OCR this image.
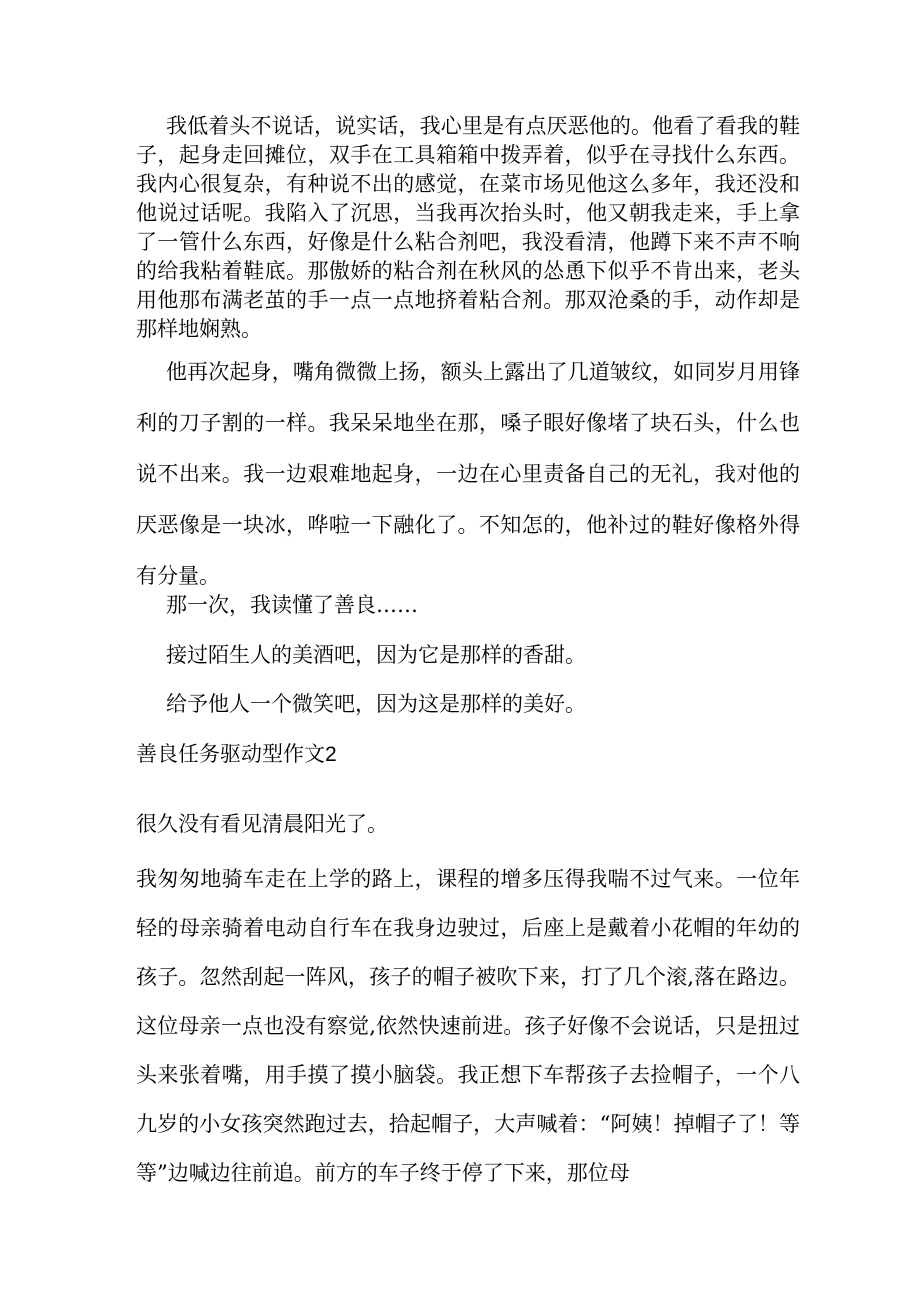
我低着头不说话，说实话，我心里是有点厌恶他的。他看了看我的鞋子，起身走回摊位，双手在工具箱箱中拨弄着，似乎在寻找什么东西。我内心很复杂，有种说不出的感觉，在菜市场见他这么多年，我还没和他说过话呢。我陷入了沉思，当我再次抬头时，他又朝我走来，手上拿了一管什么东西，好像是什么粘合剂吧，我没看清，他蹲下来不声不响的给我粘着鞋底。那傲娇的粘合剂在秋风的怂恿下似乎不肯出来，老头用他那布满老茧的手一点一点地挤着粘合剂。那双沧桑的手，动作却是那样地娴熟。

他再次起身，嘴角微微上扬，额头上露出了几道皱纹，如同岁月用锋利的刀子割的一样。我呆呆地坐在那，嗓子眼好像堵了块石头，什么也说不出来。我一边艰难地起身，一边在心里责备自己的无礼，我对他的厌恶像是一块冰，哗啦一下融化了。不知怎的，他补过的鞋好像格外得有分量。

那一次，我读懂了善良……

接过陌生人的美酒吧，因为它是那样的香甜。

给予他人一个微笑吧，因为这是那样的美好。

善良任务驱动型作文2

很久没有看见清晨阳光了。

我匆匆地骑车走在上学的路上，课程的增多压得我喘不过气来。一位年轻的母亲骑着电动自行车在我身边驶过，后座上是戴着小花帽的年幼的孩子。忽然刮起一阵风，孩子的帽子被吹下来，打了几个滚,落在路边。这位母亲一点也没有察觉,依然快速前进。孩子好像不会说话，只是扭过头来张着嘴，用手摸了摸小脑袋。我正想下车帮孩子去捡帽子，一个八九岁的小女孩突然跑过去，拾起帽子，大声喊着：“阿姨！掉帽子了！等等”边喊边往前追。前方的车子终于停了下来，那位母
